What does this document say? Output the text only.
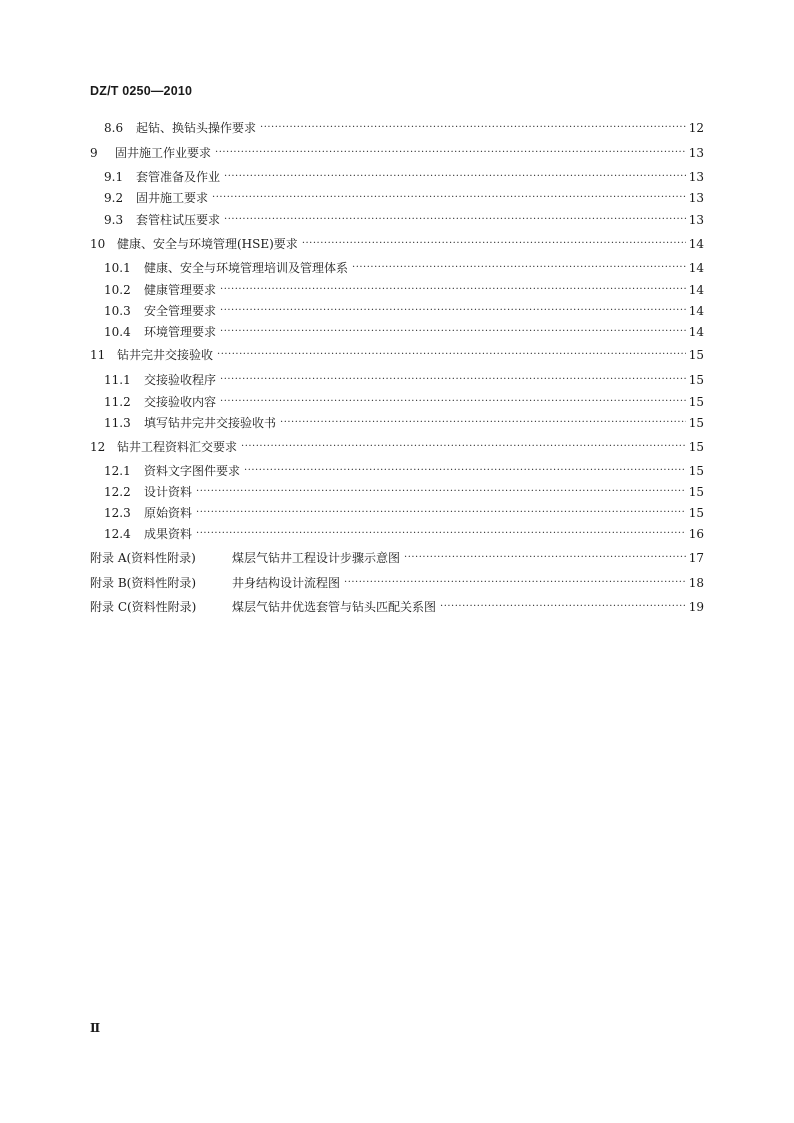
DZ/T 0250—2010
8.6	起钻、换钻头操作要求 ·····	12
9	固井施工作业要求 ·····	13
9.1	套管准备及作业 ·····	13
9.2	固井施工要求 ·····	13
9.3	套管柱试压要求 ·····	13
10 健康、安全与环境管理(HSE)要求 ·····	14
10.1	健康、安全与环境管理培训及管理体系 ·····	14
10.2	健康管理要求 ·····	14
10.3	安全管理要求 ·····	14
10.4	环境管理要求 ·····	14
11 钻井完井交接验收 ·····	15
11.1	交接验收程序 ·····	15
11.2	交接验收内容 ·····	15
11.3	填写钻井完井交接验收书 ·····	15
12 钻井工程资料汇交要求 ·····	15
12.1	资料文字图件要求 ·····	15
12.2	设计资料 ·····	15
12.3	原始资料 ·····	15
12.4	成果资料 ·····	16
附录 A(资料性附录)	煤层气钻井工程设计步骤示意图 ·····	17
附录 B(资料性附录)	井身结构设计流程图 ·····	18
附录 C(资料性附录)	煤层气钻井优选套管与钻头匹配关系图 ·····	19
Ⅱ
